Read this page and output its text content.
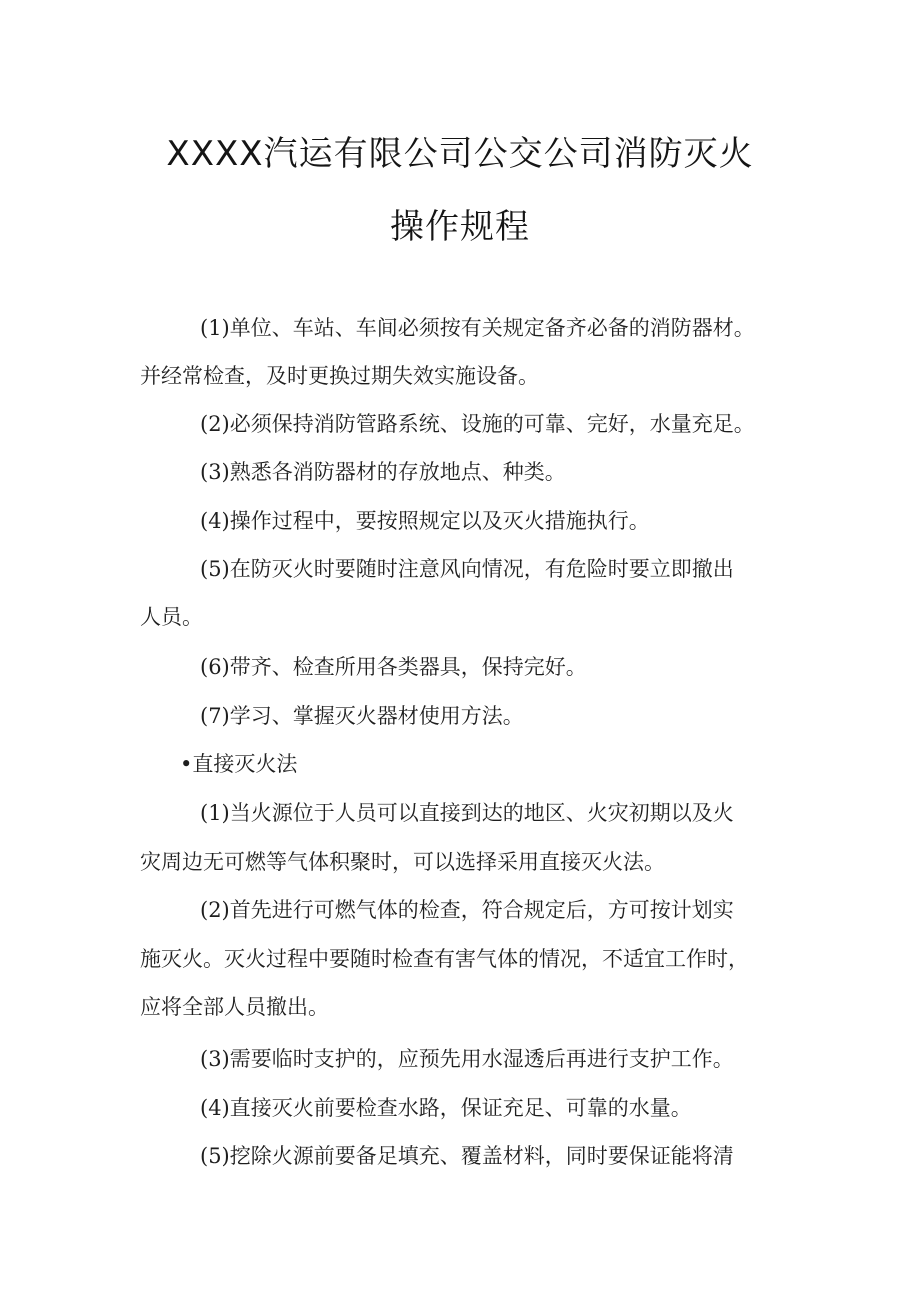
XXXX汽运有限公司公交公司消防灭火
操作规程
(1)单位、车站、车间必须按有关规定备齐必备的消防器材。
并经常检查，及时更换过期失效实施设备。
(2)必须保持消防管路系统、设施的可靠、完好，水量充足。
(3)熟悉各消防器材的存放地点、种类。
(4)操作过程中，要按照规定以及灭火措施执行。
(5)在防灭火时要随时注意风向情况，有危险时要立即撤出
人员。
(6)带齐、检查所用各类器具，保持完好。
(7)学习、掌握灭火器材使用方法。
•直接灭火法
(1)当火源位于人员可以直接到达的地区、火灾初期以及火
灾周边无可燃等气体积聚时，可以选择采用直接灭火法。
(2)首先进行可燃气体的检查，符合规定后，方可按计划实
施灭火。灭火过程中要随时检查有害气体的情况，不适宜工作时，
应将全部人员撤出。
(3)需要临时支护的，应预先用水湿透后再进行支护工作。
(4)直接灭火前要检查水路，保证充足、可靠的水量。
(5)挖除火源前要备足填充、覆盖材料，同时要保证能将清
